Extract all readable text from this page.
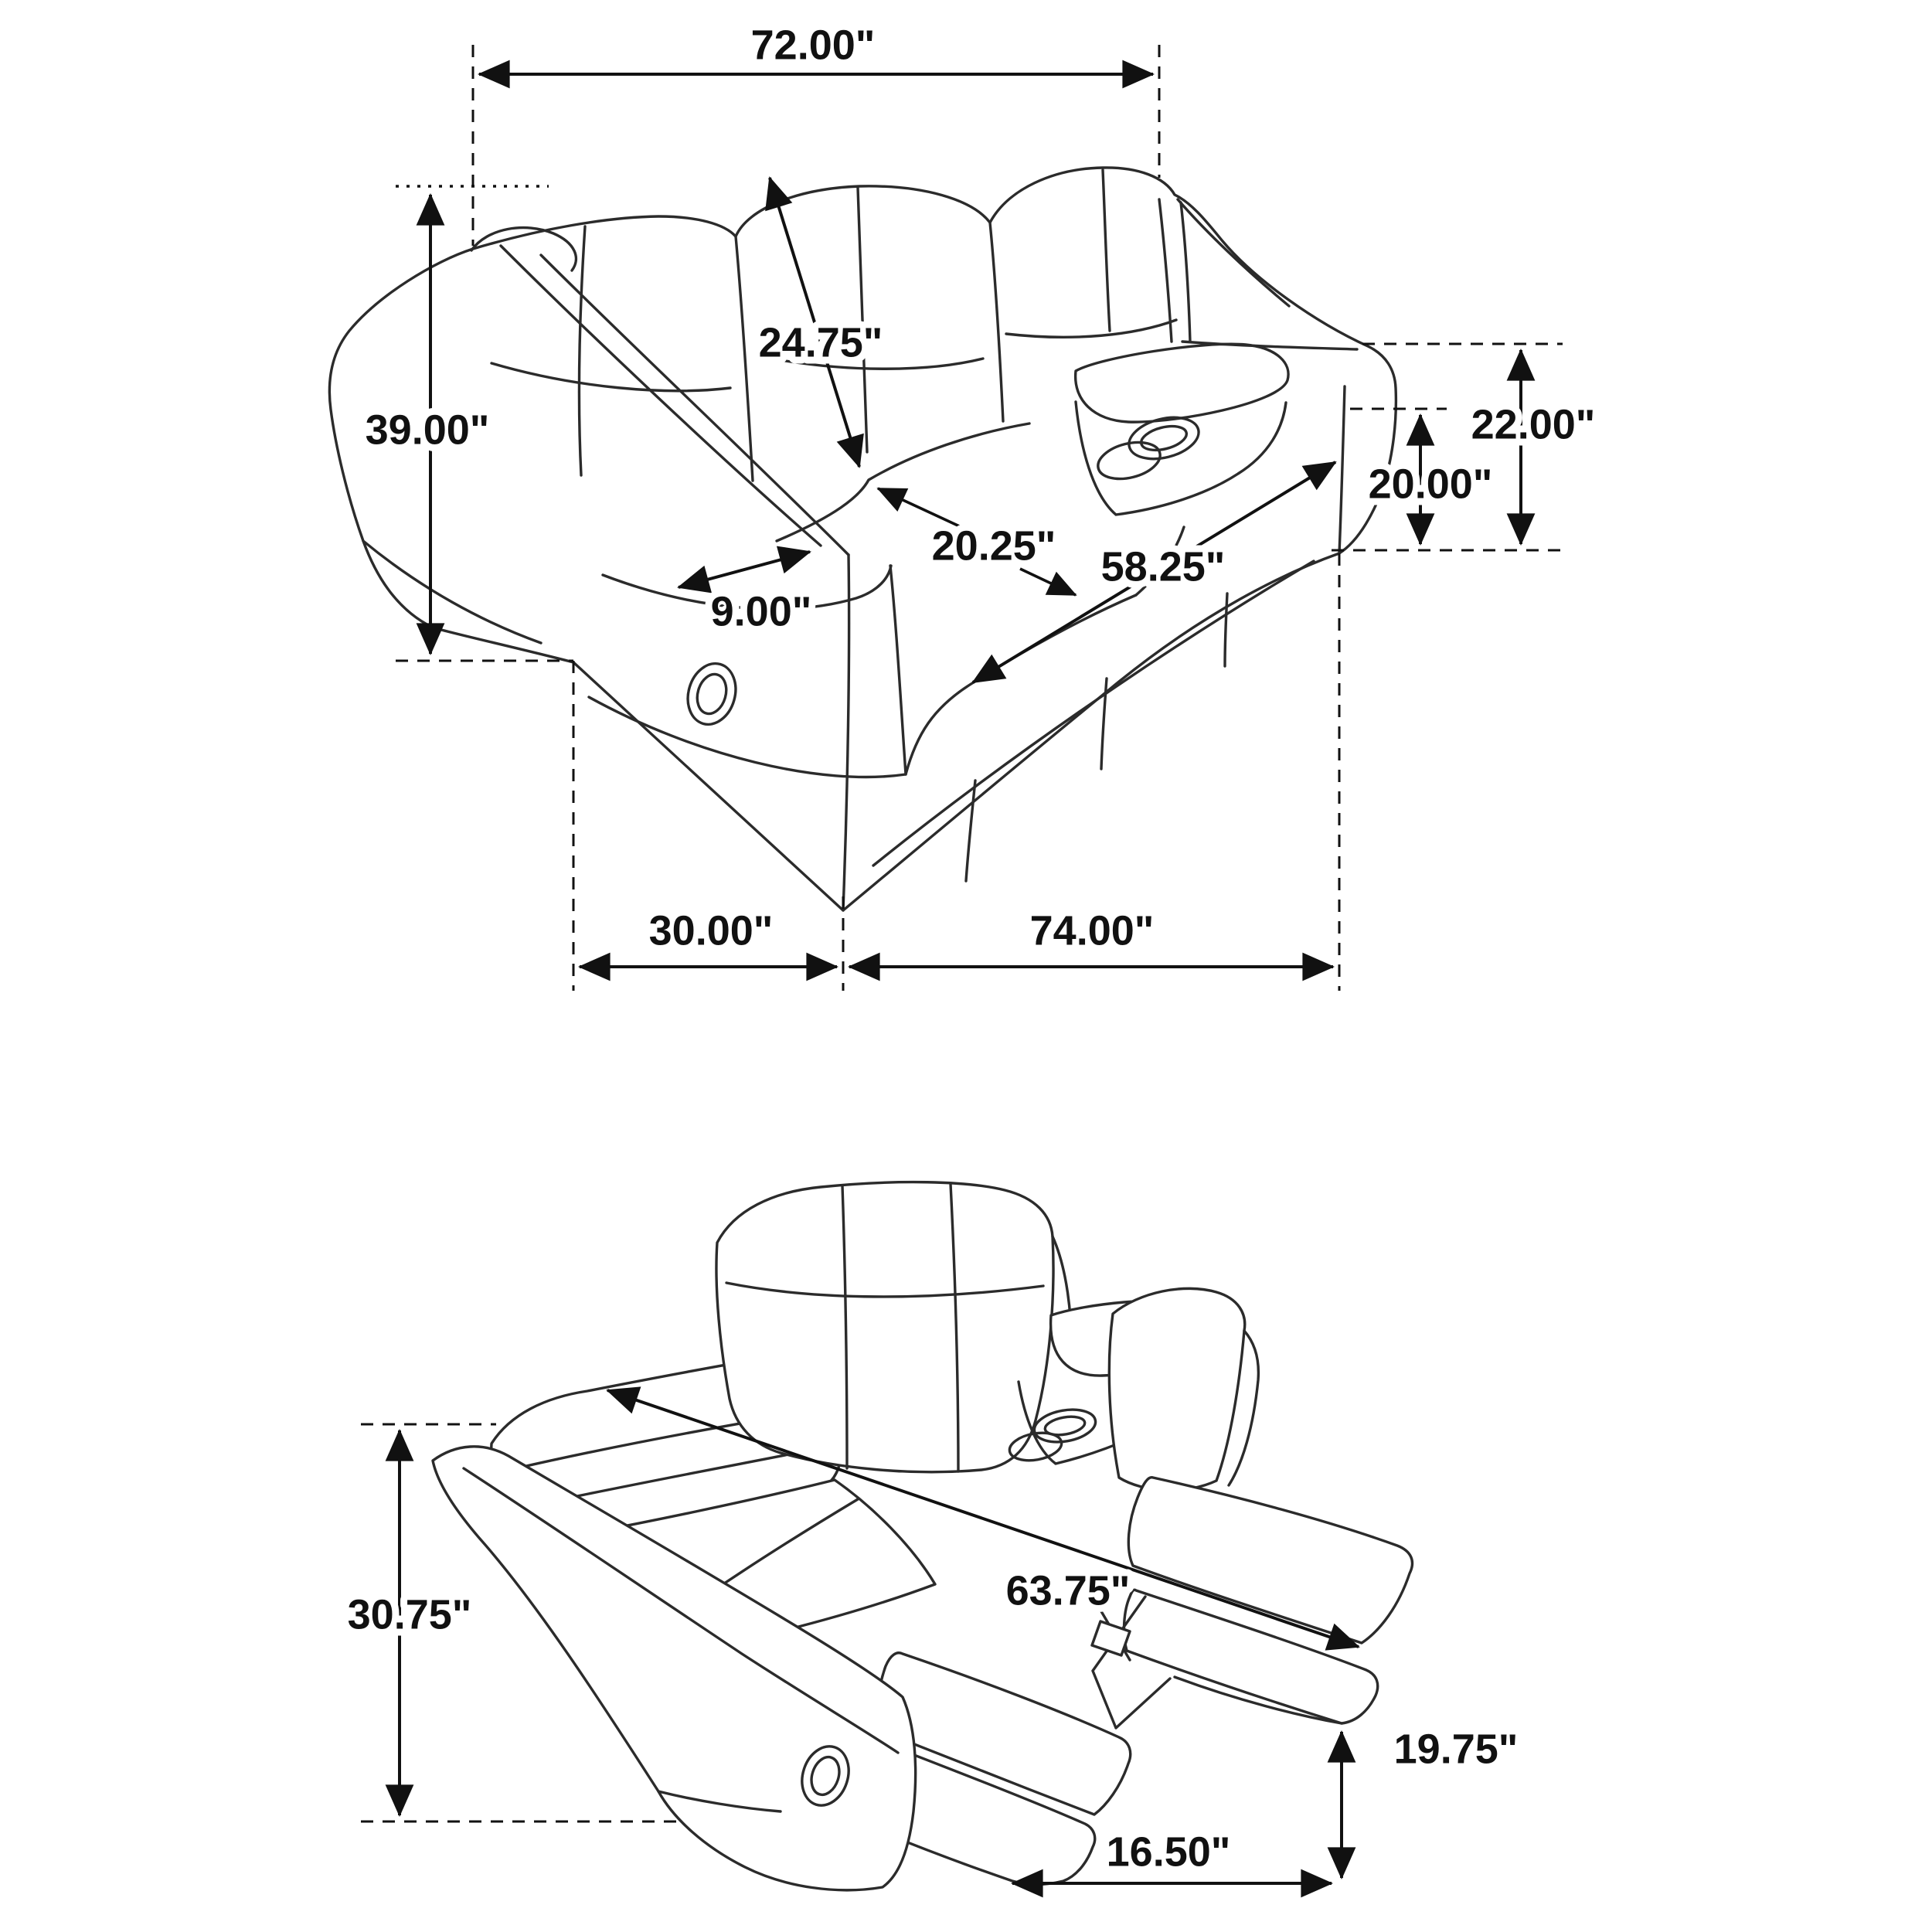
72.00"
39.00"
24.75"
20.25"
9.00"
58.25"
22.00"
20.00"
30.00"	74.00"
30.75"
63.75"
19.75"
16.50"
